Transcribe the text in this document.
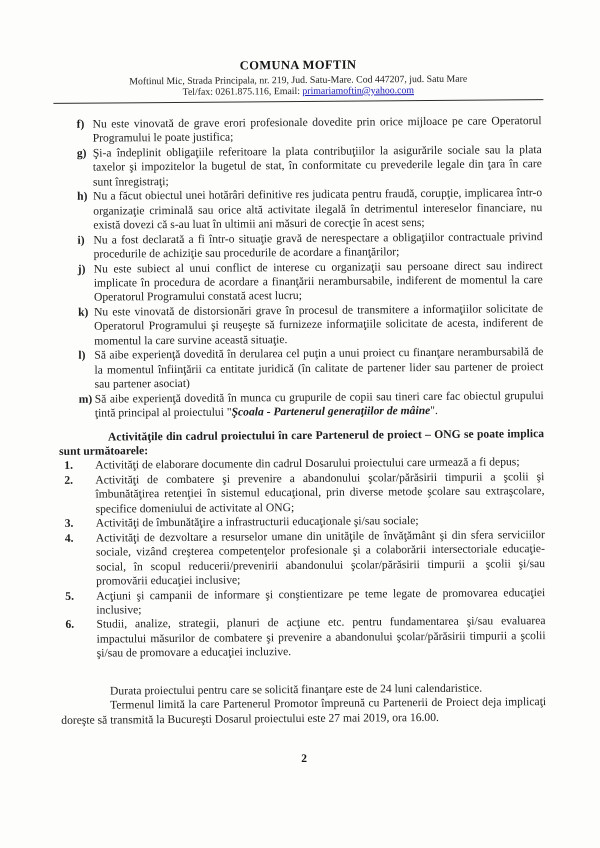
COMUNA MOFTIN
Moftinul Mic, Strada Principala, nr. 219, Jud. Satu-Mare. Cod 447207, jud. Satu Mare
Tel/fax: 0261.875.116, Email: primariamoftin@yahoo.com
f) Nu este vinovată de grave erori profesionale dovedite prin orice mijloace pe care Operatorul Programului le poate justifica;
g) Şi-a îndeplinit obligaţiile referitoare la plata contribuţiilor la asigurările sociale sau la plata taxelor şi impozitelor la bugetul de stat, în conformitate cu prevederile legale din ţara în care sunt înregistraţi;
h) Nu a făcut obiectul unei hotărâri definitive res judicata pentru fraudă, corupţie, implicarea într-o organizaţie criminală sau orice altă activitate ilegală în detrimentul intereselor financiare, nu există dovezi că s-au luat în ultimii ani măsuri de corecţie în acest sens;
i) Nu a fost declarată a fi într-o situaţie gravă de nerespectare a obligaţiilor contractuale privind procedurile de achiziţie sau procedurile de acordare a finanţărilor;
j) Nu este subiect al unui conflict de interese cu organizaţii sau persoane direct sau indirect implicate în procedura de acordare a finanţării nerambursabile, indiferent de momentul la care Operatorul Programului constată acest lucru;
k) Nu este vinovată de distorsionări grave în procesul de transmitere a informaţiilor solicitate de Operatorul Programului şi reuşeşte să furnizeze informaţiile solicitate de acesta, indiferent de momentul la care survine această situaţie.
l) Să aibe experienţă dovedită în derularea cel puţin a unui proiect cu finanţare nerambursabilă de la momentul înfiinţării ca entitate juridică (în calitate de partener lider sau partener de proiect sau partener asociat)
m) Să aibe experienţă dovedită în munca cu grupurile de copii sau tineri care fac obiectul grupului ţintă principal al proiectului "Şcoala - Partenerul generaţiilor de mâine".

Activităţile din cadrul proiectului în care Partenerul de proiect – ONG se poate implica sunt următoarele:

1.	Activităţi de elaborare documente din cadrul Dosarului proiectului care urmează a fi depus;
2.	Activităţi de combatere şi prevenire a abandonului şcolar/părăsirii timpurii a şcolii şi îmbunătăţirea retenţiei în sistemul educaţional, prin diverse metode şcolare sau extraşcolare, specifice domeniului de activitate al ONG;
3.	Activităţi de îmbunătăţire a infrastructurii educaţionale şi/sau sociale;
4.	Activităţi de dezvoltare a resurselor umane din unităţile de învăţământ şi din sfera serviciilor sociale, vizând creşterea competenţelor profesionale şi a colaborării intersectoriale educaţie-social, în scopul reducerii/prevenirii abandonului şcolar/părăsirii timpurii a şcolii şi/sau promovării educaţiei inclusive;
5.	Acţiuni şi campanii de informare şi conştientizare pe teme legate de promovarea educaţiei inclusive;
6.	Studii, analize, strategii, planuri de acţiune etc. pentru fundamentarea şi/sau evaluarea impactului măsurilor de combatere şi prevenire a abandonului şcolar/părăsirii timpurii a şcolii şi/sau de promovare a educaţiei incluzive.

Durata proiectului pentru care se solicită finanţare este de 24 luni calendaristice.

Termenul limită la care Partenerul Promotor împreună cu Partenerii de Proiect deja implicaţi doreşte să transmită la Bucureşti Dosarul proiectului este 27 mai 2019, ora 16.00.

2
